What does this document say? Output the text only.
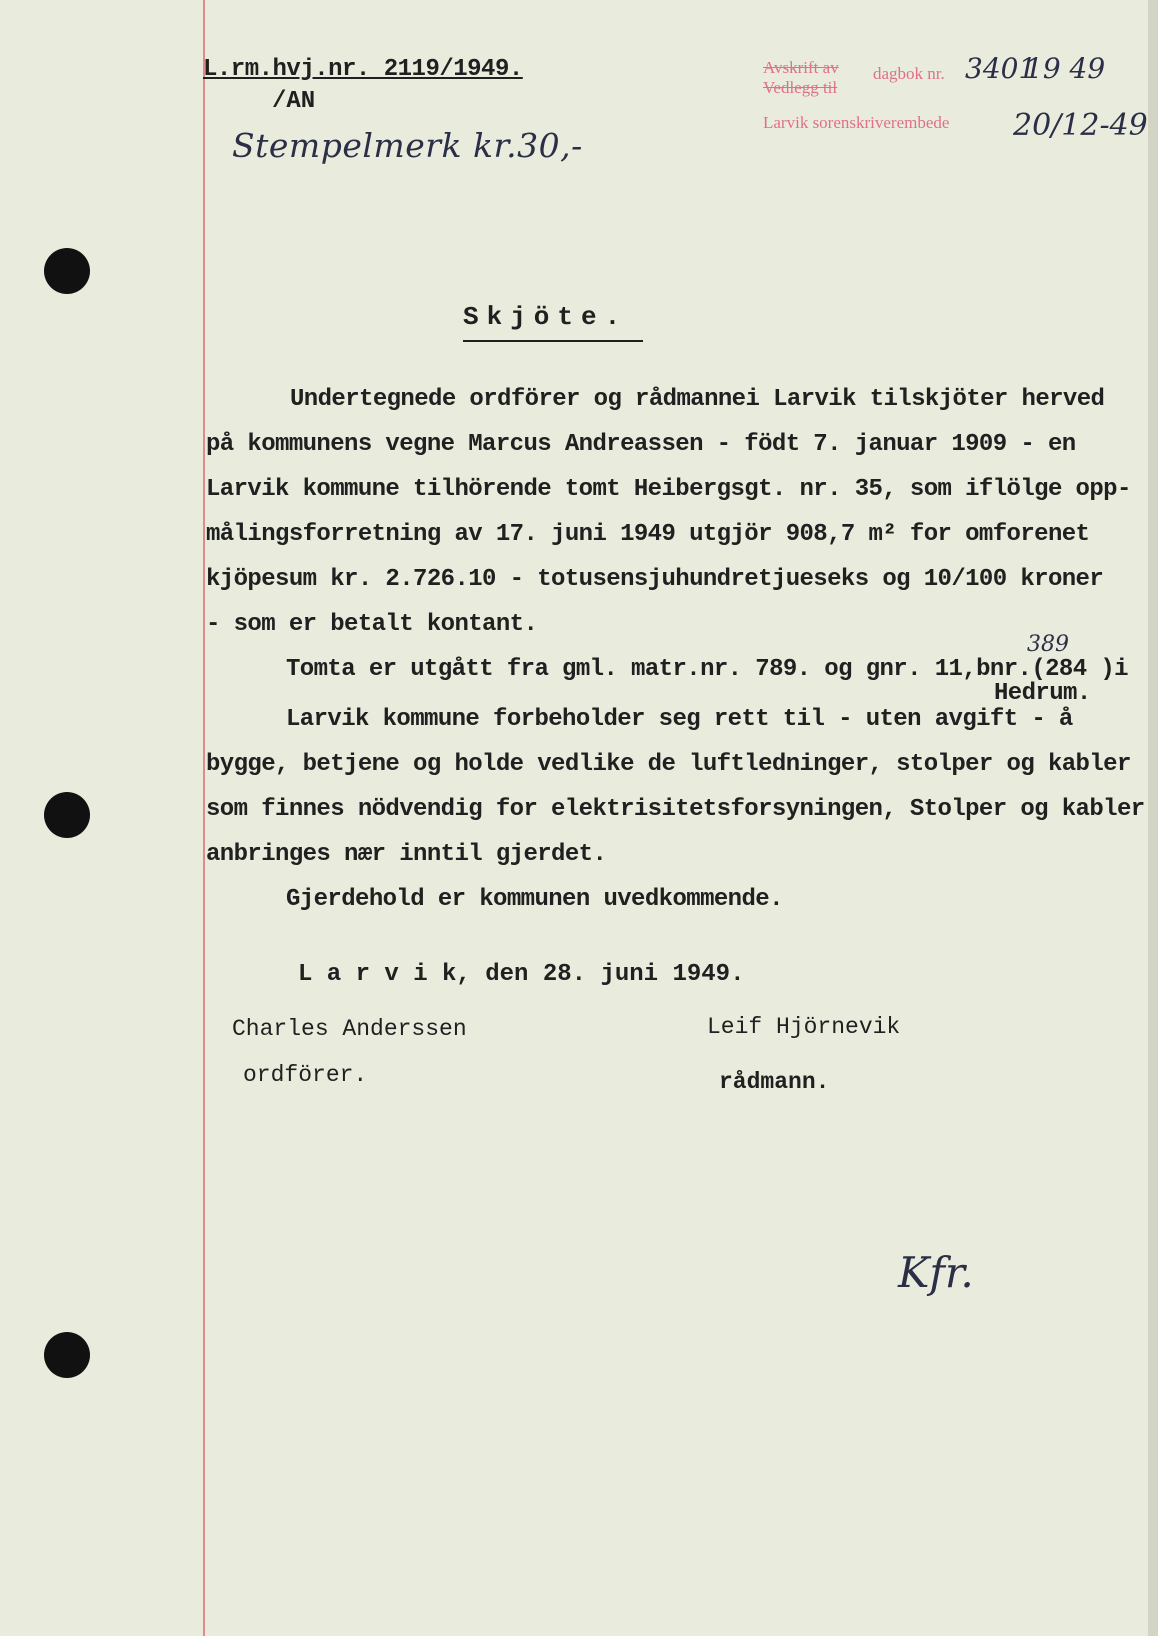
L.rm.hvj.nr. 2119/1949.
/AN
Stempelmerk kr.30,-
Avskrift av
Vedlegg til
Larvik sorenskriverembede
dagbok nr. 3401
19 49
20/12-49
Skjöte.
Undertegnede ordförer og rådmannei Larvik tilskjöter herved
på kommunens vegne Marcus Andreassen - födt 7. januar 1909 - en
Larvik kommune tilhörende tomt Heibergsgt. nr. 35, som iflölge opp-
målingsforretning av 17. juni 1949 utgjör 908,7 m² for omforenet
kjöpesum kr. 2.726.10 - totusensjuhundretjueseks og 10/100 kroner
- som er betalt kontant.
Tomta er utgått fra gml. matr.nr. 789. og gnr. 11,bnr.(284 )i
Hedrum.
Larvik kommune forbeholder seg rett til - uten avgift - å
bygge, betjene og holde vedlike de luftledninger, stolper og kabler
som finnes nödvendig for elektrisitetsforsyningen, Stolper og kabler
anbringes nær inntil gjerdet.
Gjerdehold er kommunen uvedkommende.
389
L a r v i k, den 28. juni 1949.
Charles Anderssen
ordförer.
Leif Hjörnevik
rådmann.
Kfr.
